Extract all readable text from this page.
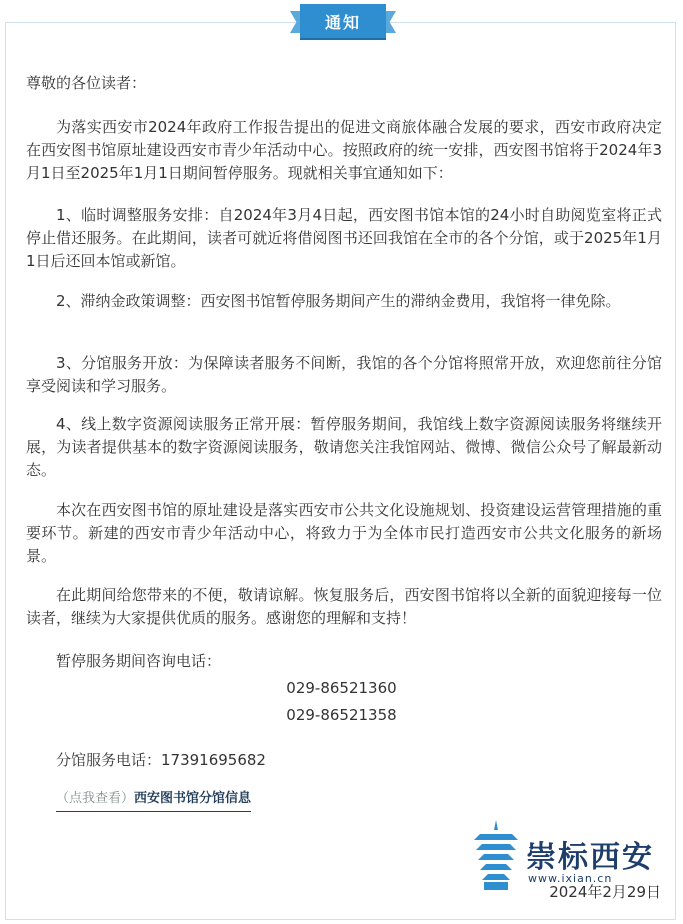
通知

尊敬的各位读者：

为落实西安市2024年政府工作报告提出的促进文商旅体融合发展的要求，西安市政府决定在西安图书馆原址建设西安市青少年活动中心。按照政府的统一安排，西安图书馆将于2024年3月1日至2025年1月1日期间暂停服务。现就相关事宜通知如下：

1、临时调整服务安排：自2024年3月4日起，西安图书馆本馆的24小时自助阅览室将正式停止借还服务。在此期间，读者可就近将借阅图书还回我馆在全市的各个分馆，或于2025年1月1日后还回本馆或新馆。

2、滞纳金政策调整：西安图书馆暂停服务期间产生的滞纳金费用，我馆将一律免除。

3、分馆服务开放：为保障读者服务不间断，我馆的各个分馆将照常开放，欢迎您前往分馆享受阅读和学习服务。

4、线上数字资源阅读服务正常开展：暂停服务期间，我馆线上数字资源阅读服务将继续开展，为读者提供基本的数字资源阅读服务，敬请您关注我馆网站、微博、微信公众号了解最新动态。

本次在西安图书馆的原址建设是落实西安市公共文化设施规划、投资建设运营管理措施的重要环节。新建的西安市青少年活动中心，将致力于为全体市民打造西安市公共文化服务的新场景。

在此期间给您带来的不便，敬请谅解。恢复服务后，西安图书馆将以全新的面貌迎接每一位读者，继续为大家提供优质的服务。感谢您的理解和支持！

暂停服务期间咨询电话：

029-86521360
029-86521358

分馆服务电话：17391695682

（点我查看）西安图书馆分馆信息
崇标西安
www.ixian.cn
2024年2月29日
